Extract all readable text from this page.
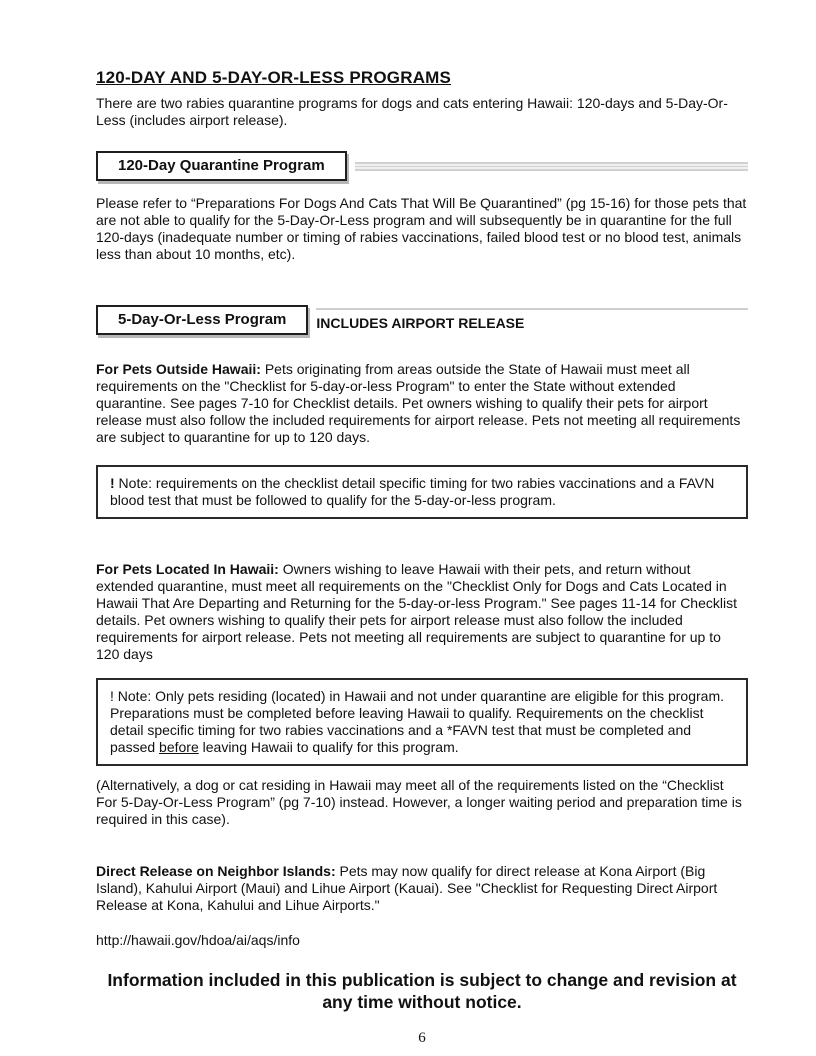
120-DAY AND 5-DAY-OR-LESS PROGRAMS

There are two rabies quarantine programs for dogs and cats entering Hawaii: 120-days and 5-Day-Or-Less (includes airport release).

120-Day Quarantine Program

Please refer to “Preparations For Dogs And Cats That Will Be Quarantined” (pg 15-16) for those pets that are not able to qualify for the 5-Day-Or-Less program and will subsequently be in quarantine for the full 120-days (inadequate number or timing of rabies vaccinations, failed blood test or no blood test, animals less than about 10 months, etc).

5-Day-Or-Less Program	INCLUDES AIRPORT RELEASE

For Pets Outside Hawaii: Pets originating from areas outside the State of Hawaii must meet all requirements on the "Checklist for 5-day-or-less Program" to enter the State without extended quarantine. See pages 7-10 for Checklist details. Pet owners wishing to qualify their pets for airport release must also follow the included requirements for airport release. Pets not meeting all requirements are subject to quarantine for up to 120 days.

! Note: requirements on the checklist detail specific timing for two rabies vaccinations and a FAVN blood test that must be followed to qualify for the 5-day-or-less program.

For Pets Located In Hawaii: Owners wishing to leave Hawaii with their pets, and return without extended quarantine, must meet all requirements on the "Checklist Only for Dogs and Cats Located in Hawaii That Are Departing and Returning for the 5-day-or-less Program." See pages 11-14 for Checklist details. Pet owners wishing to qualify their pets for airport release must also follow the included requirements for airport release. Pets not meeting all requirements are subject to quarantine for up to 120 days

! Note: Only pets residing (located) in Hawaii and not under quarantine are eligible for this program. Preparations must be completed before leaving Hawaii to qualify. Requirements on the checklist detail specific timing for two rabies vaccinations and a *FAVN test that must be completed and passed before leaving Hawaii to qualify for this program.

(Alternatively, a dog or cat residing in Hawaii may meet all of the requirements listed on the “Checklist For 5-Day-Or-Less Program” (pg 7-10) instead. However, a longer waiting period and preparation time is required in this case).

Direct Release on Neighbor Islands: Pets may now qualify for direct release at Kona Airport (Big Island), Kahului Airport (Maui) and Lihue Airport (Kauai). See "Checklist for Requesting Direct Airport Release at Kona, Kahului and Lihue Airports."

http://hawaii.gov/hdoa/ai/aqs/info

Information included in this publication is subject to change and revision at any time without notice.
6
